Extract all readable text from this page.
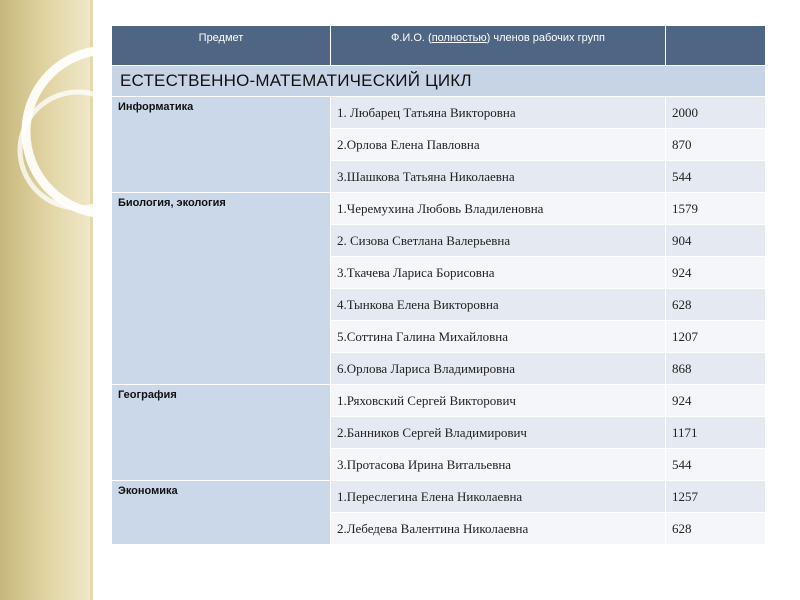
Предмет	Ф.И.О. (полностью) членов рабочих групп	
ЕСТЕСТВЕННО-МАТЕМАТИЧЕСКИЙ ЦИКЛ		
Информатика	1. Любарец Татьяна Викторовна	2000
	2.Орлова Елена Павловна	870
	3.Шашкова Татьяна Николаевна	544
Биология, экология	1.Черемухина Любовь Владиленовна	1579
	2. Сизова Светлана Валерьевна	904
	3.Ткачева Лариса Борисовна	924
	4.Тынкова Елена Викторовна	628
	5.Соттина Галина Михайловна	1207
	6.Орлова Лариса Владимировна	868
География	1.Ряховский Сергей Викторович	924
	2.Банников Сергей Владимирович	1171
	3.Протасова Ирина Витальевна	544
Экономика	1.Переслегина Елена Николаевна	1257
	2.Лебедева Валентина Николаевна	628
